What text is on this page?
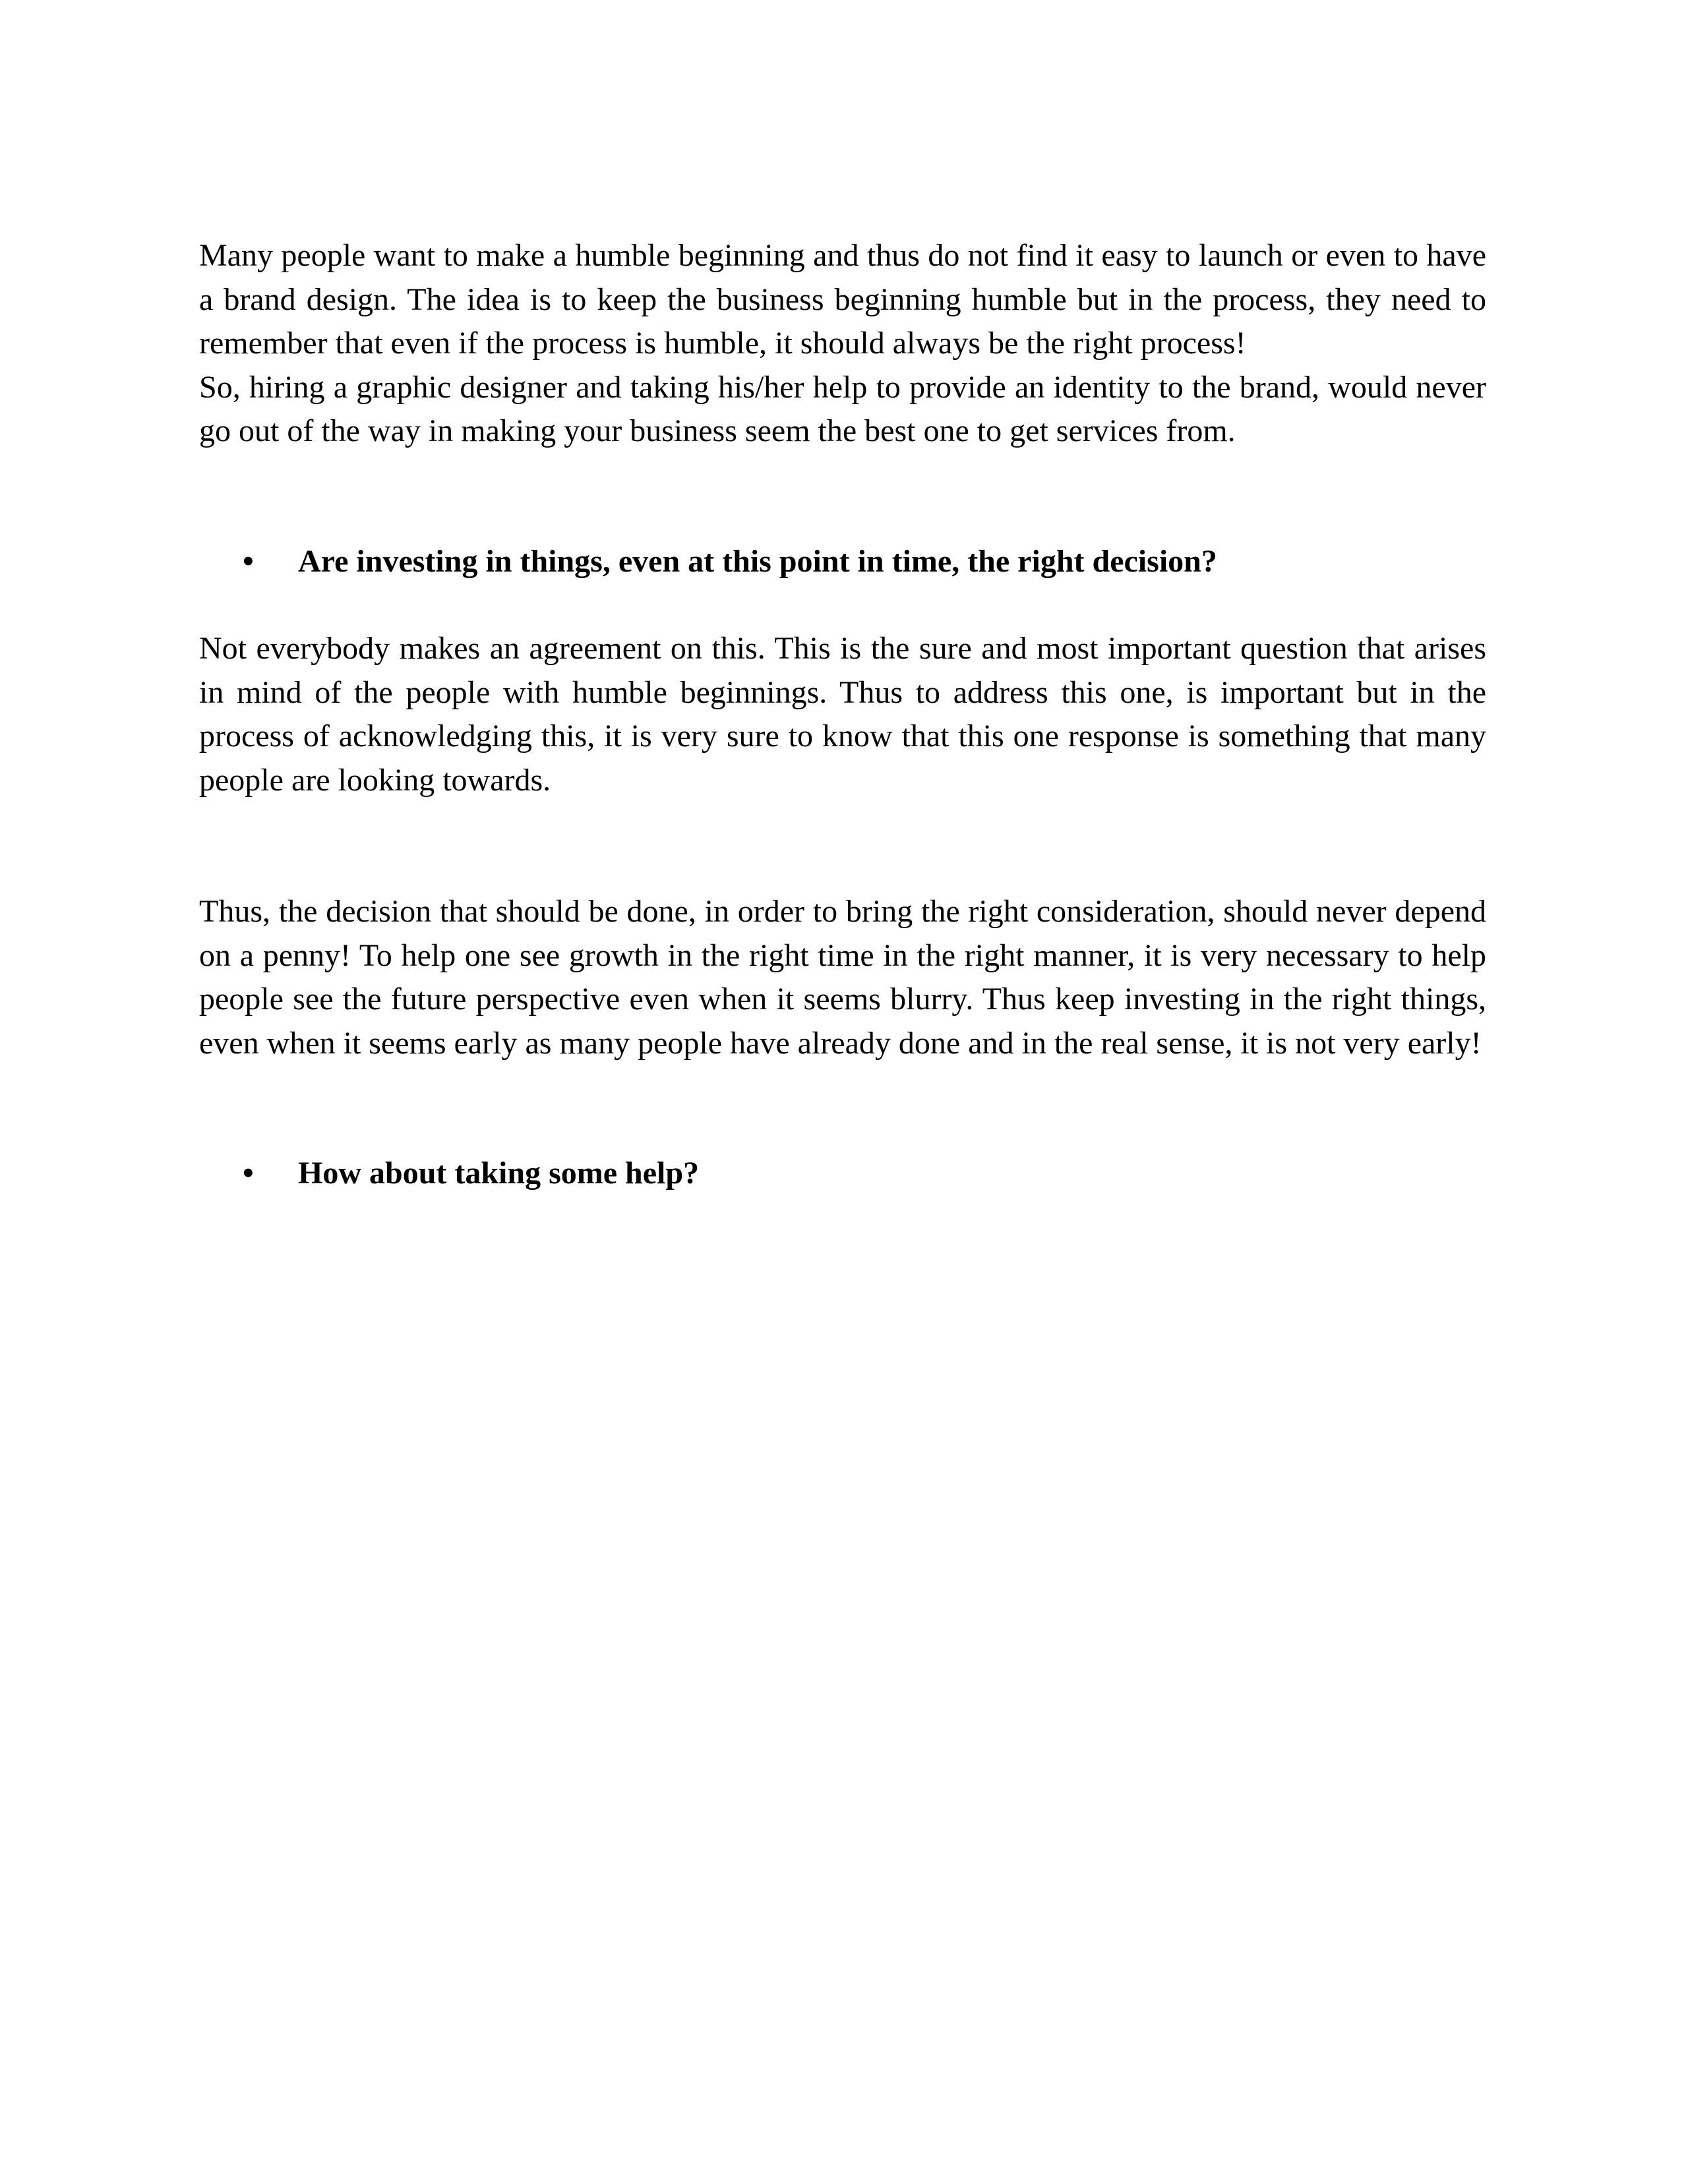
Many people want to make a humble beginning and thus do not find it easy to launch or even to have a brand design. The idea is to keep the business beginning humble but in the process, they need to remember that even if the process is humble, it should always be the right process!

So, hiring a graphic designer and taking his/her help to provide an identity to the brand, would never go out of the way in making your business seem the best one to get services from.

•	Are investing in things, even at this point in time, the right decision?

Not everybody makes an agreement on this. This is the sure and most important question that arises in mind of the people with humble beginnings. Thus to address this one, is important but in the process of acknowledging this, it is very sure to know that this one response is something that many people are looking towards.

Thus, the decision that should be done, in order to bring the right consideration, should never depend on a penny! To help one see growth in the right time in the right manner, it is very necessary to help people see the future perspective even when it seems blurry. Thus keep investing in the right things, even when it seems early as many people have already done and in the real sense, it is not very early!

•	How about taking some help?
